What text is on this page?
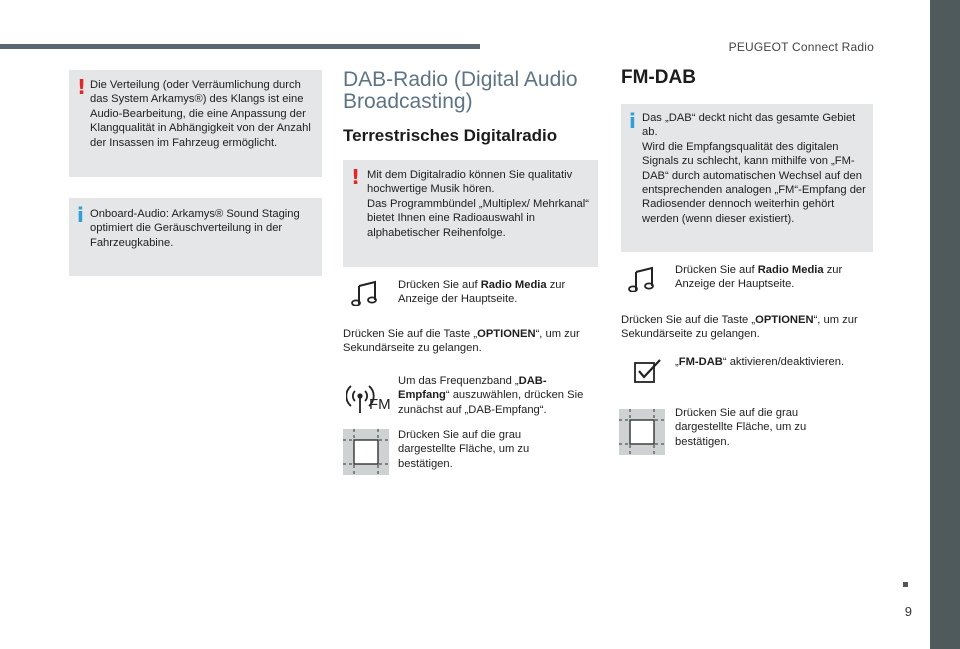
PEUGEOT Connect Radio
9
! Die Verteilung (oder Verräumlichung durch das System Arkamys®) des Klangs ist eine Audio-Bearbeitung, die eine Anpassung der Klangqualität in Abhängigkeit von der Anzahl der Insassen im Fahrzeug ermöglicht.

i Onboard-Audio: Arkamys® Sound Staging optimiert die Geräuschverteilung in der Fahrzeugkabine.

DAB-Radio (Digital Audio Broadcasting)
Terrestrisches Digitalradio
! Mit dem Digitalradio können Sie qualitativ hochwertige Musik hören.
Das Programmbündel „Multiplex/ Mehrkanal“ bietet Ihnen eine Radioauswahl in alphabetischer Reihenfolge.

Drücken Sie auf Radio Media zur Anzeige der Hauptseite.
Drücken Sie auf die Taste „OPTIONEN“, um zur Sekundärseite zu gelangen.
FM
Um das Frequenzband „DAB-Empfang“ auszuwählen, drücken Sie zunächst auf „DAB-Empfang“.
Drücken Sie auf die grau dargestellte Fläche, um zu bestätigen.
FM-DAB
i Das „DAB“ deckt nicht das gesamte Gebiet ab.
Wird die Empfangsqualität des digitalen Signals zu schlecht, kann mithilfe von „FM-DAB“ durch automatischen Wechsel auf den entsprechenden analogen „FM“-Empfang der Radiosender dennoch weiterhin gehört werden (wenn dieser existiert).

Drücken Sie auf Radio Media zur Anzeige der Hauptseite.
Drücken Sie auf die Taste „OPTIONEN“, um zur Sekundärseite zu gelangen.
„FM-DAB“ aktivieren/deaktivieren.
Drücken Sie auf die grau dargestellte Fläche, um zu bestätigen.
